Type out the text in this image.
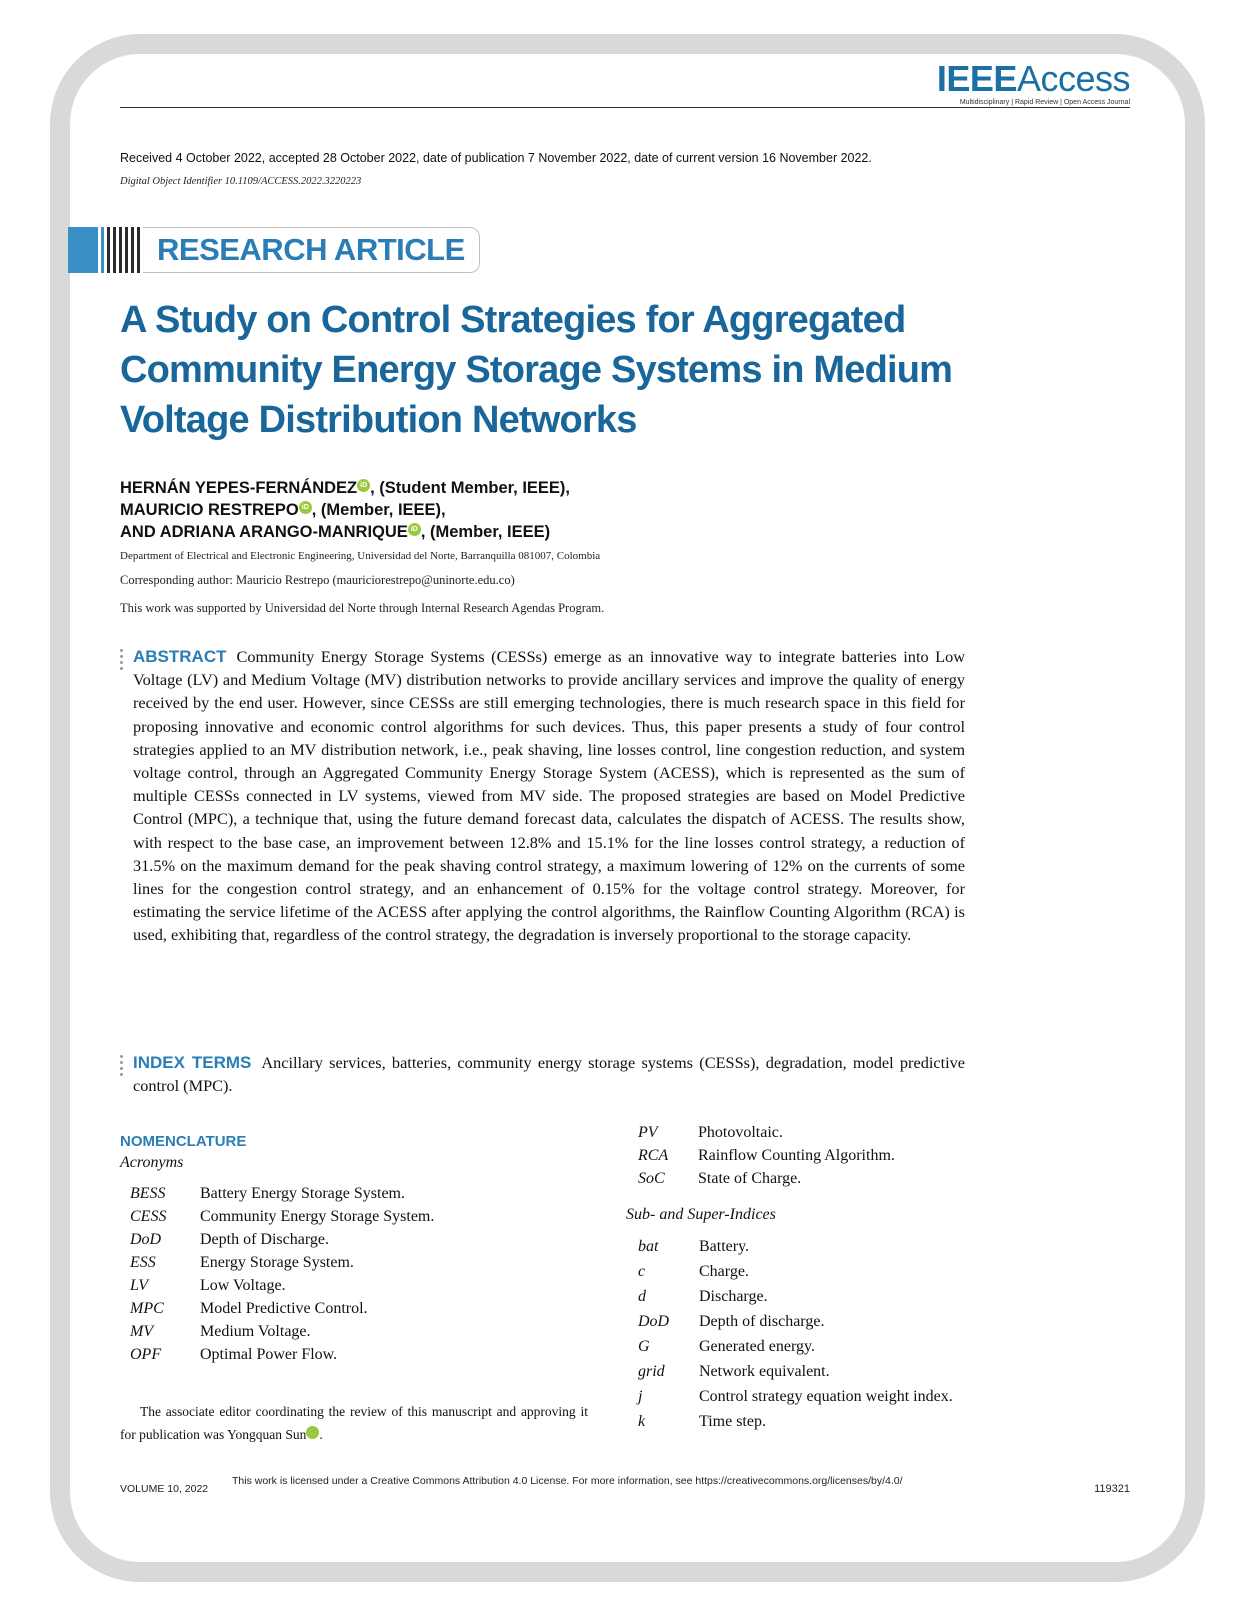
IEEEAccess
Multidisciplinary | Rapid Review | Open Access Journal
Received 4 October 2022, accepted 28 October 2022, date of publication 7 November 2022, date of current version 16 November 2022.
Digital Object Identifier 10.1109/ACCESS.2022.3220223
RESEARCH ARTICLE
A Study on Control Strategies for Aggregated Community Energy Storage Systems in Medium Voltage Distribution Networks
HERNÁN YEPES-FERNÁNDEZ iD , (Student Member, IEEE),
MAURICIO RESTREPO iD , (Member, IEEE),
AND ADRIANA ARANGO-MANRIQUE iD , (Member, IEEE)
Department of Electrical and Electronic Engineering, Universidad del Norte, Barranquilla 081007, Colombia
Corresponding author: Mauricio Restrepo (mauriciorestrepo@uninorte.edu.co)
This work was supported by Universidad del Norte through Internal Research Agendas Program.
ABSTRACT Community Energy Storage Systems (CESSs) emerge as an innovative way to integrate batteries into Low Voltage (LV) and Medium Voltage (MV) distribution networks to provide ancillary services and improve the quality of energy received by the end user. However, since CESSs are still emerging technologies, there is much research space in this field for proposing innovative and economic control algorithms for such devices. Thus, this paper presents a study of four control strategies applied to an MV distribution network, i.e., peak shaving, line losses control, line congestion reduction, and system voltage control, through an Aggregated Community Energy Storage System (ACESS), which is represented as the sum of multiple CESSs connected in LV systems, viewed from MV side. The proposed strategies are based on Model Predictive Control (MPC), a technique that, using the future demand forecast data, calculates the dispatch of ACESS. The results show, with respect to the base case, an improvement between 12.8% and 15.1% for the line losses control strategy, a reduction of 31.5% on the maximum demand for the peak shaving control strategy, a maximum lowering of 12% on the currents of some lines for the congestion control strategy, and an enhancement of 0.15% for the voltage control strategy. Moreover, for estimating the service lifetime of the ACESS after applying the control algorithms, the Rainflow Counting Algorithm (RCA) is used, exhibiting that, regardless of the control strategy, the degradation is inversely proportional to the storage capacity.
INDEX TERMS Ancillary services, batteries, community energy storage systems (CESSs), degradation, model predictive control (MPC).
NOMENCLATURE
Acronyms
BESS Battery Energy Storage System.
CESS Community Energy Storage System.
DoD Depth of Discharge.
ESS	Energy Storage System.
LV	Low Voltage.
MPC Model Predictive Control.
MV	Medium Voltage.
OPF Optimal Power Flow.
The associate editor coordinating the review of this manuscript and approving it for publication was Yongquan Sun	iD.
PV	Photovoltaic.
RCA Rainflow Counting Algorithm.
SoC State of Charge.
Sub- and Super-Indices
bat	Battery.
c	Charge.
d	Discharge.
DoD Depth of discharge.
G	Generated energy.
grid Network equivalent.
j	Control strategy equation weight index.
k	Time step.
VOLUME 10, 2022
This work is licensed under a Creative Commons Attribution 4.0 License. For more information, see https://creativecommons.org/licenses/by/4.0/
119321
